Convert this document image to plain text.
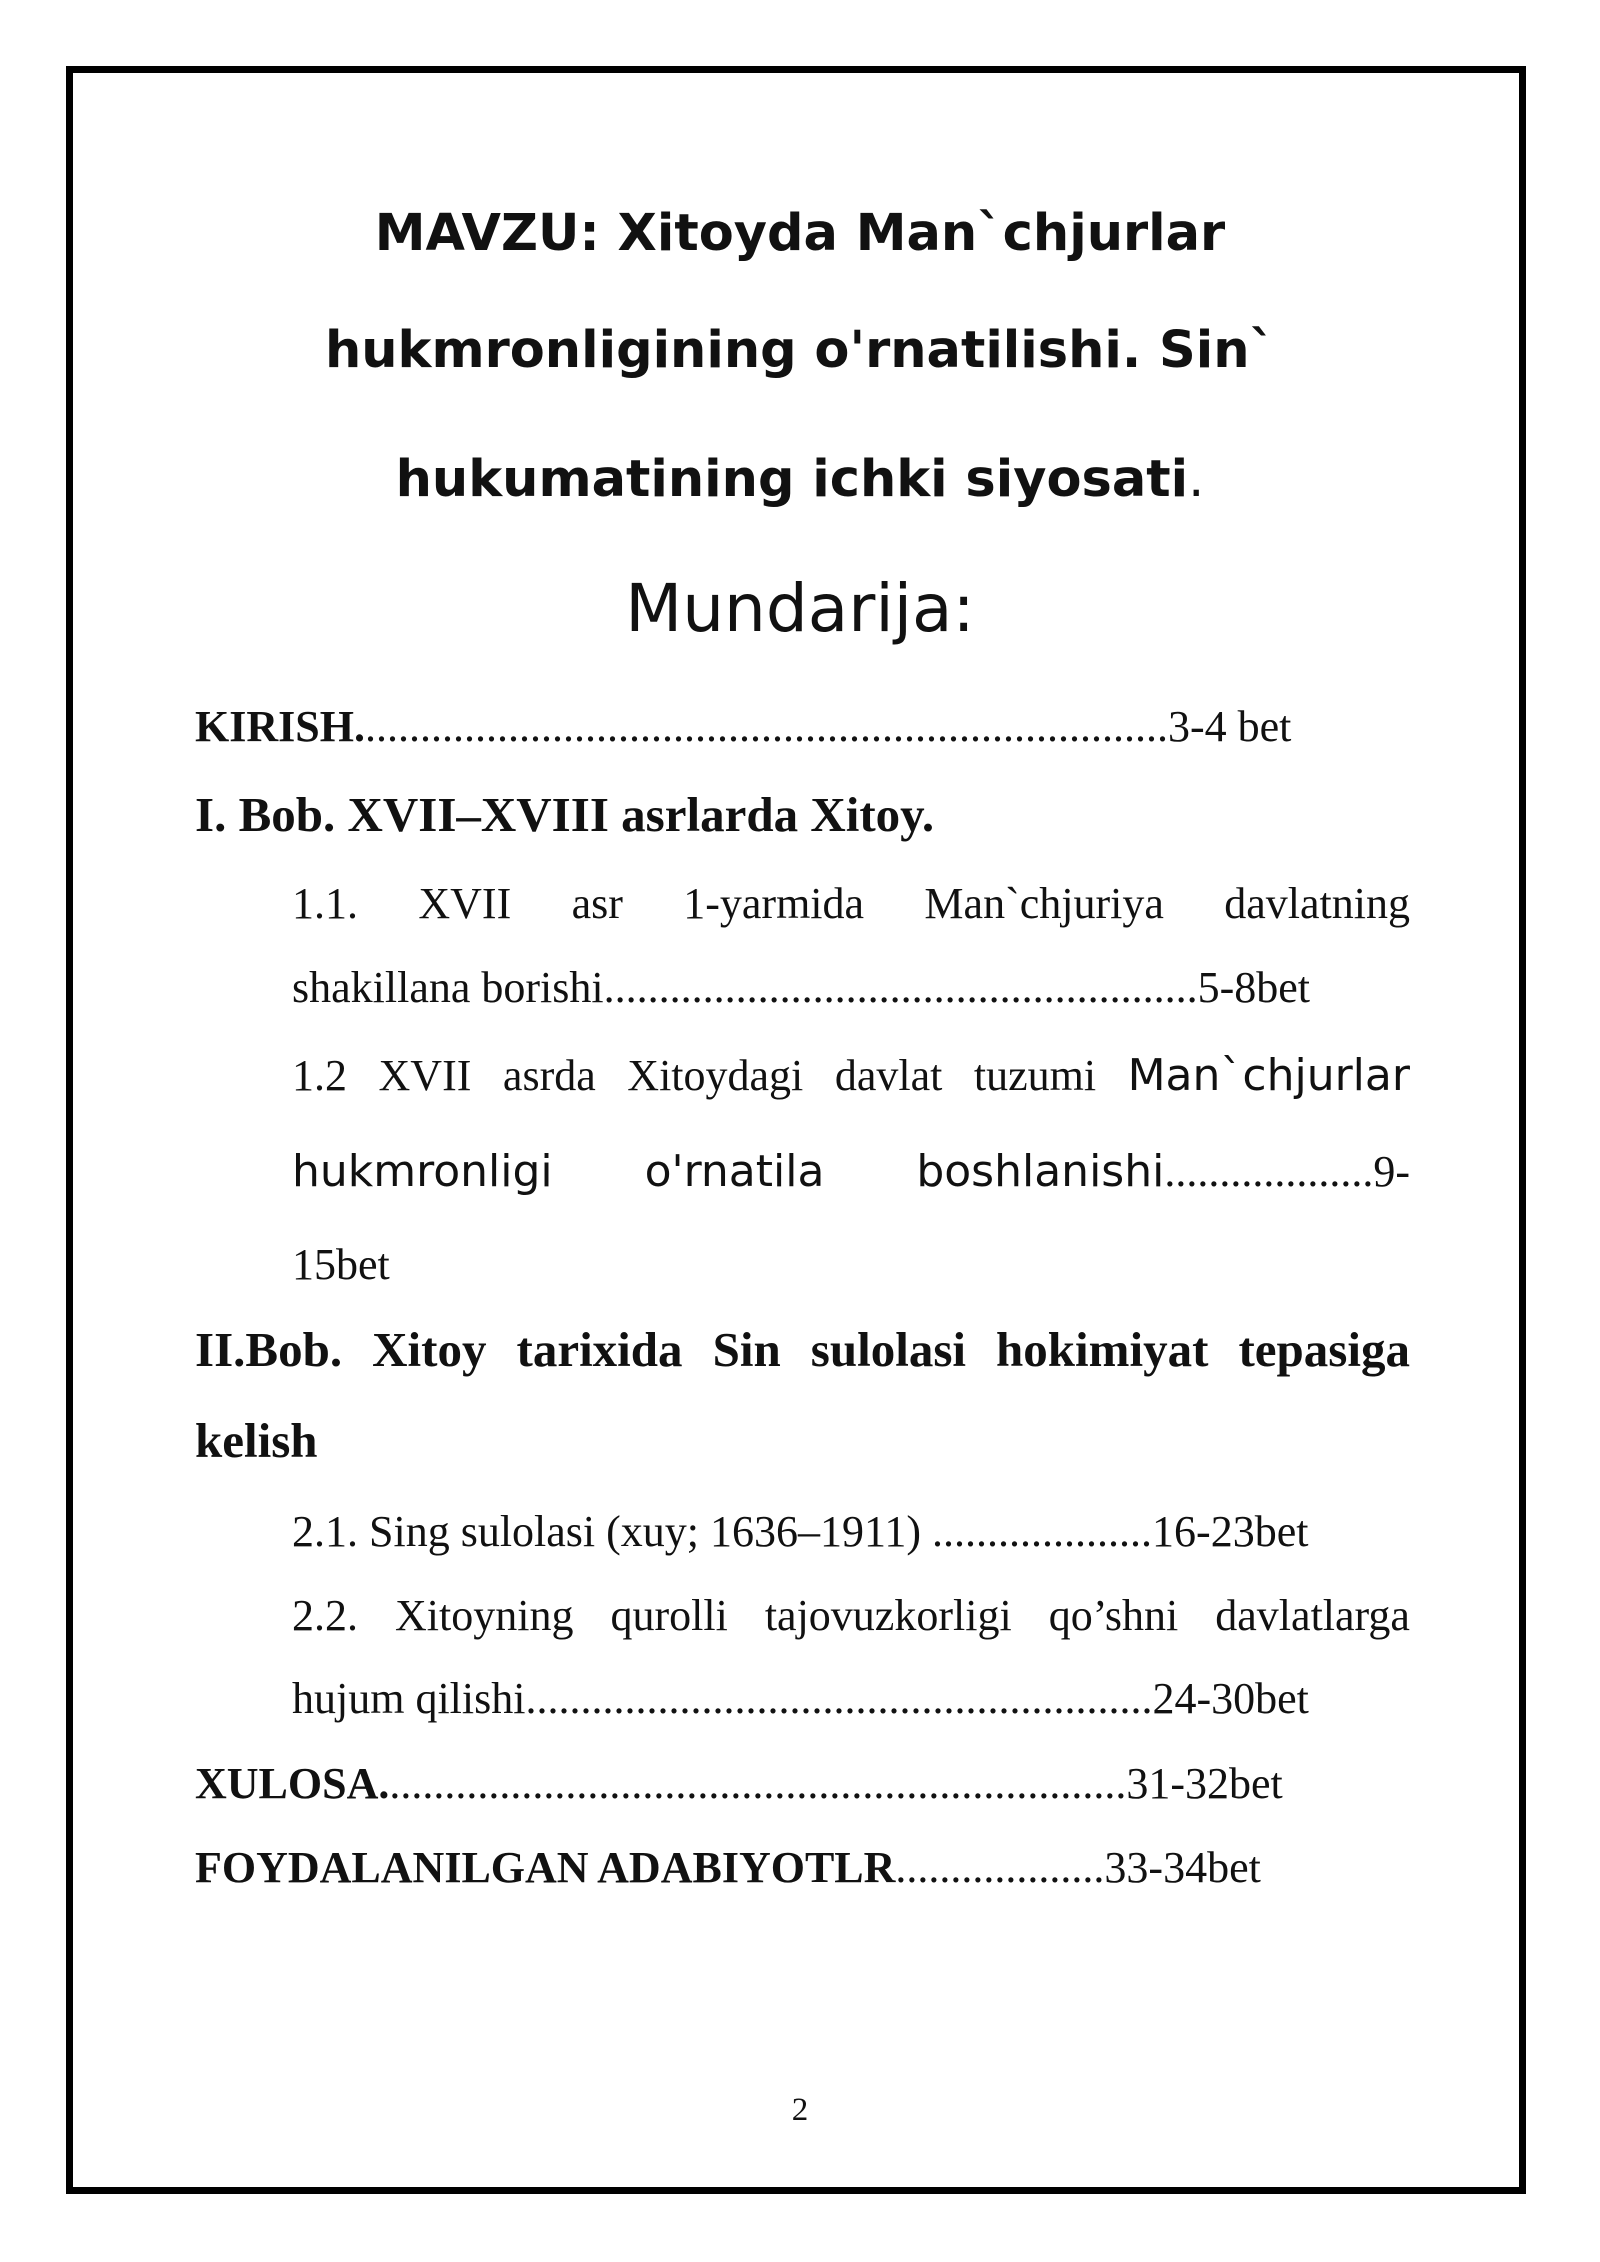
MAVZU: Xitoyda Man`chjurlar
hukmronligining o'rnatilishi. Sin`
hukumatining ichki siyosati.
Mundarija:
KIRISH..........................................................................3-4 bet
I. Bob. XVII–XVIII asrlarda Xitoy.
1.1. XVII asr 1-yarmida Man`chjuriya davlatning
shakillana borishi......................................................5-8bet
1.2 XVII asrda Xitoydagi davlat tuzumi Man`chjurlar
hukmronligi o'rnatila boshlanishi...................9-
15bet
II.Bob. Xitoy tarixida Sin sulolasi hokimiyat tepasiga
kelish
2.1. Sing sulolasi (xuy; 1636–1911) ....................16-23bet
2.2. Xitoyning qurolli tajovuzkorligi qo’shni davlatlarga
hujum qilishi.........................................................24-30bet
XULOSA....................................................................31-32bet
FOYDALANILGAN ADABIYOTLR...................33-34bet
2
